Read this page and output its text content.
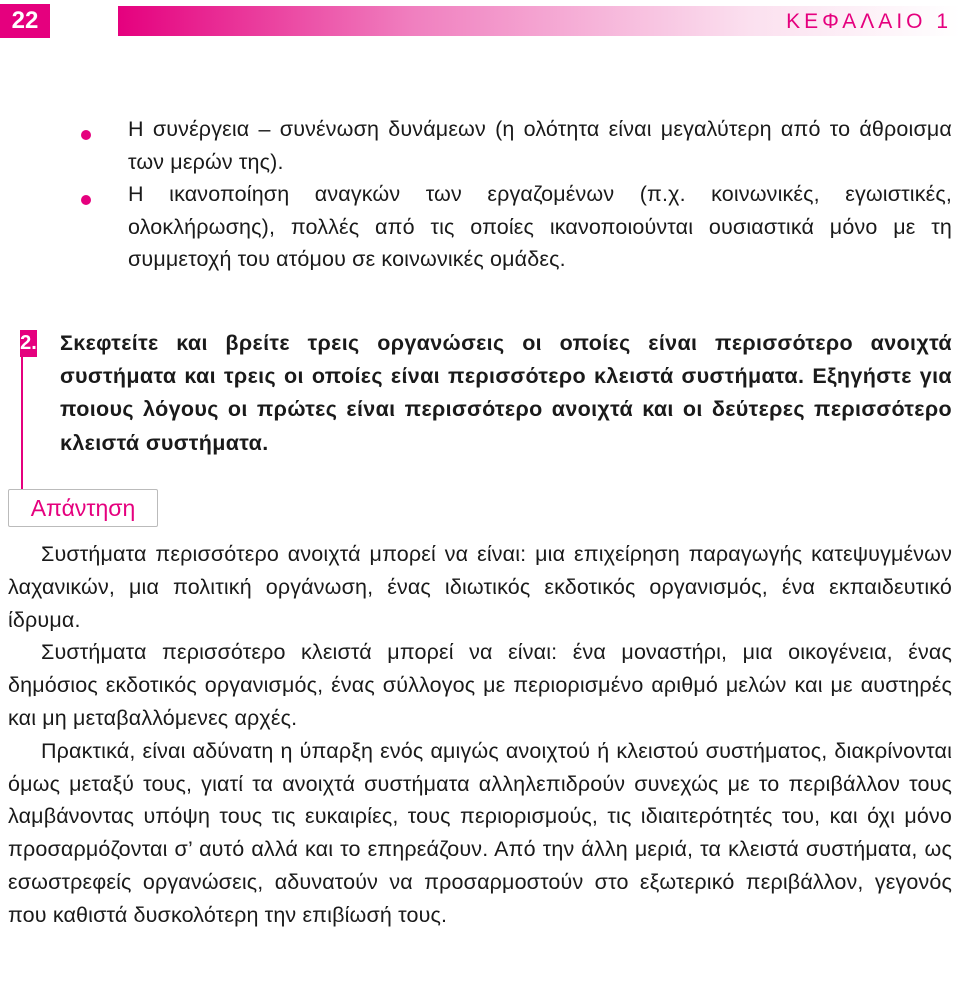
22	ΚΕΦΑΛΑΙΟ 1
Η συνέργεια – συνένωση δυνάμεων (η ολότητα είναι μεγαλύτερη από το άθροισμα των μερών της).
Η ικανοποίηση αναγκών των εργαζομένων (π.χ. κοινωνικές, εγωιστικές, ολοκλήρωσης), πολλές από τις οποίες ικανοποιούνται ουσιαστικά μόνο με τη συμμετοχή του ατόμου σε κοινωνικές ομάδες.
2. Σκεφτείτε και βρείτε τρεις οργανώσεις οι οποίες είναι περισσότερο ανοιχτά συστήματα και τρεις οι οποίες είναι περισσότερο κλειστά συστήματα. Εξηγήστε για ποιους λόγους οι πρώτες είναι περισσότερο ανοιχτά και οι δεύτερες περισσότερο κλειστά συστήματα.
Απάντηση

Συστήματα περισσότερο ανοιχτά μπορεί να είναι: μια επιχείρηση παραγωγής κατεψυγμένων λαχανικών, μια πολιτική οργάνωση, ένας ιδιωτικός εκδοτικός οργανισμός, ένα εκπαιδευτικό ίδρυμα.

Συστήματα περισσότερο κλειστά μπορεί να είναι: ένα μοναστήρι, μια οικογένεια, ένας δημόσιος εκδοτικός οργανισμός, ένας σύλλογος με περιορισμένο αριθμό μελών και με αυστηρές και μη μεταβαλλόμενες αρχές.

Πρακτικά, είναι αδύνατη η ύπαρξη ενός αμιγώς ανοιχτού ή κλειστού συστήματος, διακρίνονται όμως μεταξύ τους, γιατί τα ανοιχτά συστήματα αλληλεπιδρούν συνεχώς με το περιβάλλον τους λαμβάνοντας υπόψη τους τις ευκαιρίες, τους περιορισμούς, τις ιδιαιτερότητές του, και όχι μόνο προσαρμόζονται σ’ αυτό αλλά και το επηρεάζουν. Από την άλλη μεριά, τα κλειστά συστήματα, ως εσωστρεφείς οργανώσεις, αδυνατούν να προσαρμοστούν στο εξωτερικό περιβάλλον, γεγονός που καθιστά δυσκολότερη την επιβίωσή τους.
